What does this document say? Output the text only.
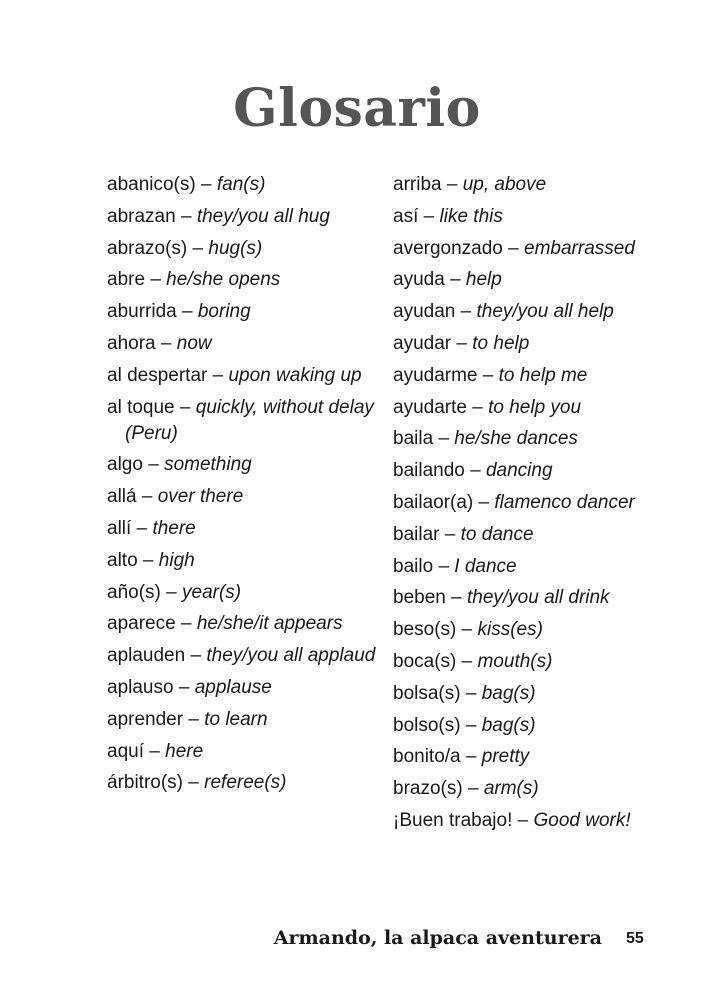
Glosario

abanico(s) – fan(s)

abrazan – they/you all hug

abrazo(s) – hug(s)

abre – he/she opens

aburrida – boring

ahora – now

al despertar – upon waking up

al toque – quickly, without delay (Peru)

algo – something

allá – over there

allí – there

alto – high

año(s) – year(s)

aparece – he/she/it appears

aplauden – they/you all applaud

aplauso – applause

aprender – to learn

aquí – here

árbitro(s) – referee(s)

arriba – up, above

así – like this

avergonzado – embarrassed

ayuda – help

ayudan – they/you all help

ayudar – to help

ayudarme – to help me

ayudarte – to help you

baila – he/she dances

bailando – dancing

bailaor(a) – flamenco dancer

bailar – to dance

bailo – I dance

beben – they/you all drink

beso(s) – kiss(es)

boca(s) – mouth(s)

bolsa(s) – bag(s)

bolso(s) – bag(s)

bonito/a – pretty

brazo(s) – arm(s)

¡Buen trabajo! – Good work!

Armando, la alpaca aventurera 55
